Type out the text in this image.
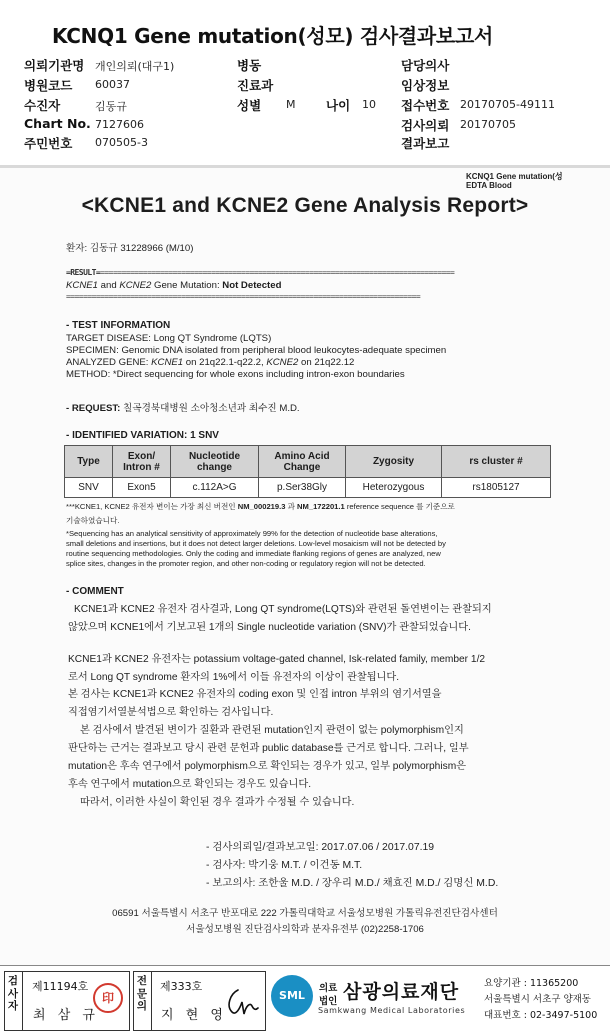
KCNQ1 Gene mutation(성모) 검사결과보고서
의뢰기관명 개인의뢰(대구1)
병원코드 60037
수진자	김동규
Chart No. 7127606
주민번호 070505-3
병동
진료과
성별 M 나이 10
담당의사
임상정보
접수번호 20170705-49111
검사의뢰 20170705
결과보고
KCNQ1 Gene mutation(성
EDTA Blood
<KCNE1 and KCNE2 Gene Analysis Report>
환자: 김동규 31228966 (M/10)
=RESULT====================================================================================
KCNE1 and KCNE2 Gene Mutation: Not Detected
===================================================================================
- TEST INFORMATION
TARGET DISEASE: Long QT Syndrome (LQTS)
SPECIMEN: Genomic DNA isolated from peripheral blood leukocytes-adequate specimen
ANALYZED GENE: KCNE1 on 21q22.1-q22.2, KCNE2 on 21q22.12
METHOD: *Direct sequencing for whole exons including intron-exon boundaries
- REQUEST: 칠곡경북대병원 소아청소년과 최수진 M.D.
- IDENTIFIED VARIATION: 1 SNV
Type	Exon/ Intron #	Nucleotide change	Amino Acid Change	Zygosity	rs cluster #
SNV	Exon5	c.112A>G	p.Ser38Gly	Heterozygous	rs1805127
***KCNE1, KCNE2 유전자 변이는 가장 최신 버전인 NM_000219.3 과 NM_172201.1 reference sequence 를 기준으로
기술하였습니다.
*Sequencing has an analytical sensitivity of approximately 99% for the detection of nucleotide base alterations,
small deletions and insertions, but it does not detect larger deletions. Low-level mosaicism will not be detected by
routine sequencing methodologies. Only the coding and immediate flanking regions of genes are analyzed, new
splice sites, changes in the promoter region, and other non-coding or regulatory region will not be detected.
- COMMENT
KCNE1과 KCNE2 유전자 검사결과, Long QT syndrome(LQTS)와 관련된 돌연변이는 관찰되지
않았으며 KCNE1에서 기보고된 1개의 Single nucleotide variation (SNV)가 관찰되었습니다.
KCNE1과 KCNE2 유전자는 potassium voltage-gated channel, Isk-related family, member 1/2
로서 Long QT syndrome 환자의 1%에서 이들 유전자의 이상이 관찰됩니다.
본 검사는 KCNE1과 KCNE2 유전자의 coding exon 및 인접 intron 부위의 염기서열을
직접염기서열분석법으로 확인하는 검사입니다.
본 검사에서 발견된 변이가 질환과 관련된 mutation인지 관련이 없는 polymorphism인지
판단하는 근거는 결과보고 당시 관련 문헌과 public database를 근거로 합니다. 그러나, 일부
mutation은 후속 연구에서 polymorphism으로 확인되는 경우가 있고, 일부 polymorphism은
후속 연구에서 mutation으로 확인되는 경우도 있습니다.
따라서, 이러한 사실이 확인된 경우 결과가 수정될 수 있습니다.
- 검사의뢰일/결과보고일: 2017.07.06 / 2017.07.19
- 검사자: 박기웅 M.T. / 이건동 M.T.
- 보고의사: 조한울 M.D. / 장우리 M.D./ 채효진 M.D./ 김명신 M.D.
06591 서울특별시 서초구 반포대로 222 가톨릭대학교 서울성모병원 가톨릭유전진단검사센터
서울성모병원 진단검사의학과 분자유전부 (02)2258-1706
검사자
제11194호
최 삼 규
印
전문의
제333호
지 현 영
SML
의료
법인 삼광의료재단
Samkwang Medical Laboratories
요양기관 : 11365200
서울특별시 서초구 양재동
대표번호 : 02-3497-5100
